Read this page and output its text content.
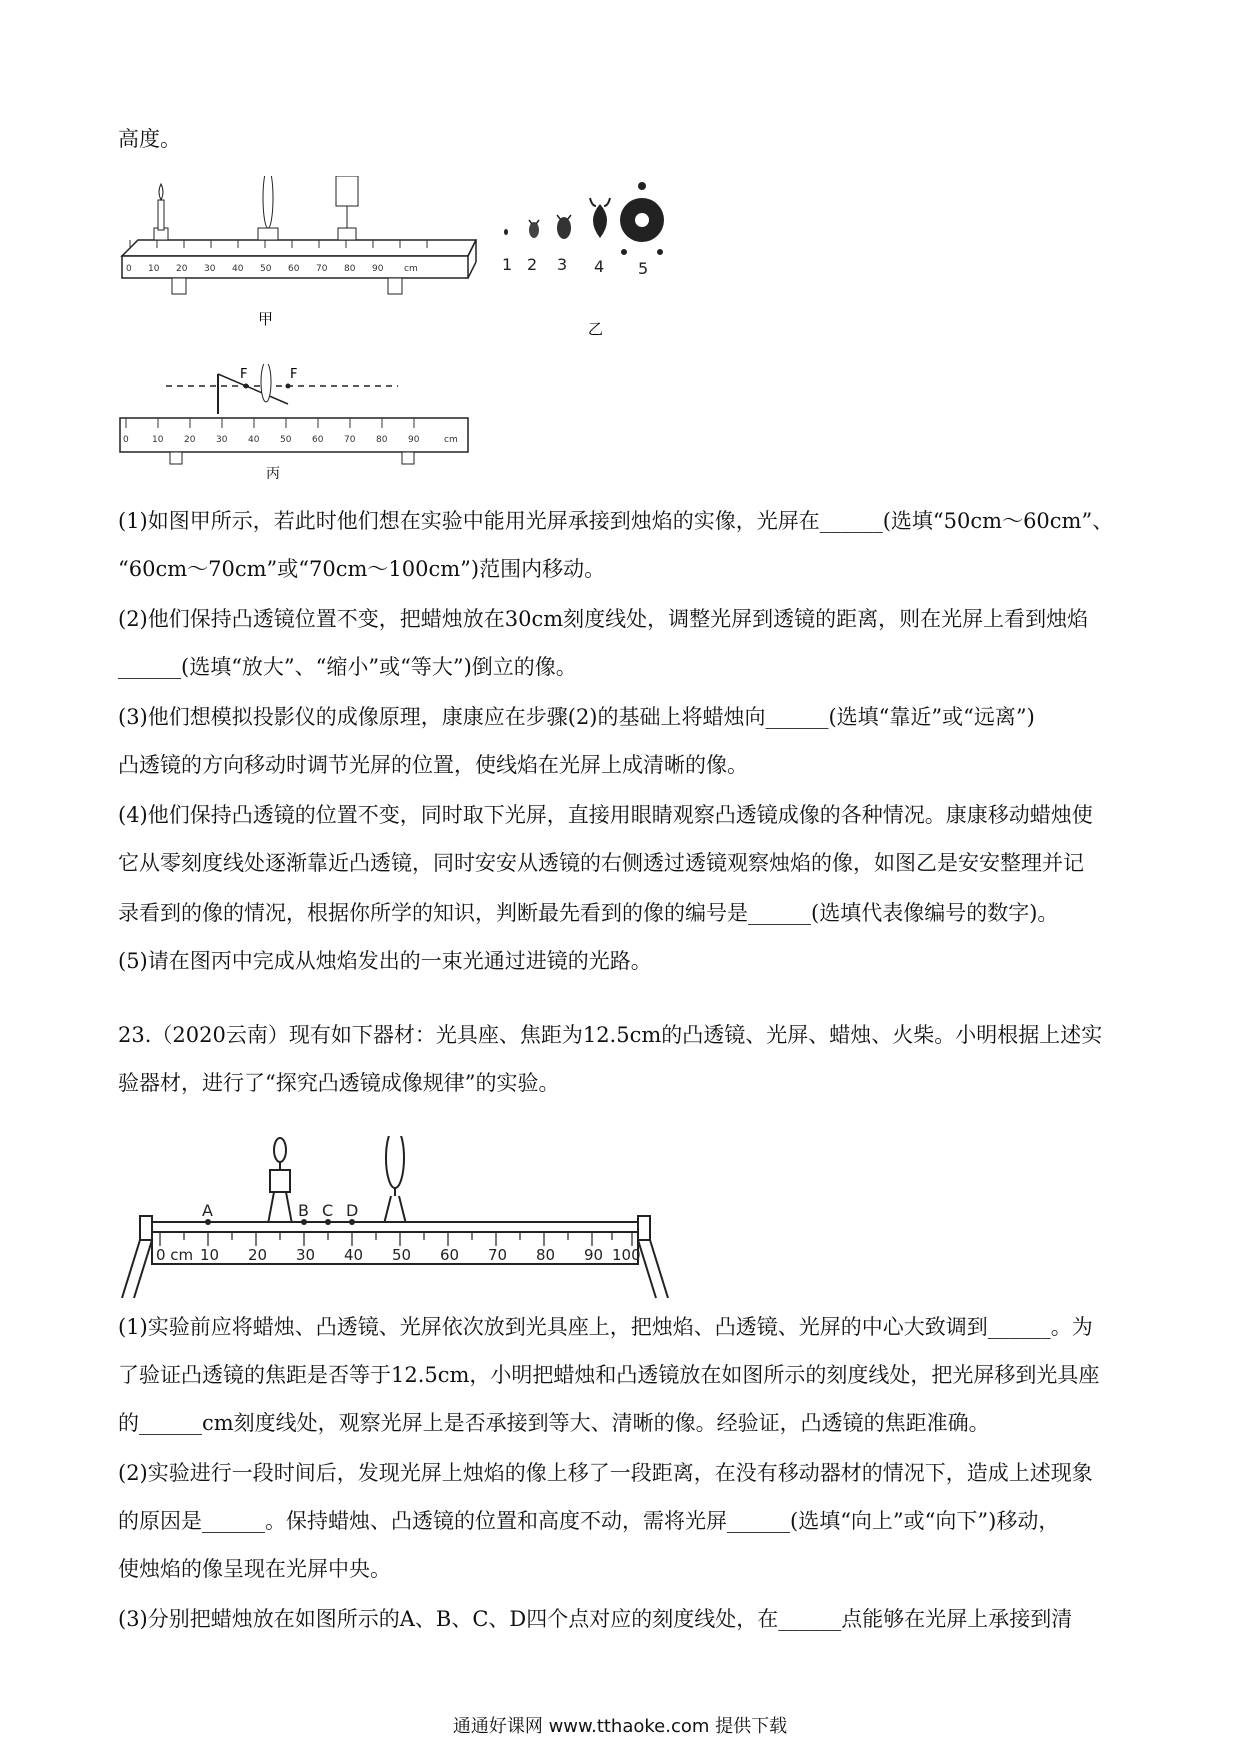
高度。
0 10 20 30 40 50 60 70 80 90 cm
甲
1 2 3 4 5
乙
F	F
0	10 20 30 40 50 60 70 80 90	cm
丙
(1)如图甲所示，若此时他们想在实验中能用光屏承接到烛焰的实像，光屏在______(选填“50cm～60cm”、
“60cm～70cm”或“70cm～100cm”)范围内移动。
(2)他们保持凸透镜位置不变，把蜡烛放在30cm刻度线处，调整光屏到透镜的距离，则在光屏上看到烛焰
______(选填“放大”、“缩小”或“等大”)倒立的像。
(3)他们想模拟投影仪的成像原理，康康应在步骤(2)的基础上将蜡烛向______(选填“靠近”或“远离”)
凸透镜的方向移动时调节光屏的位置，使线焰在光屏上成清晰的像。
(4)他们保持凸透镜的位置不变，同时取下光屏，直接用眼睛观察凸透镜成像的各种情况。康康移动蜡烛使
它从零刻度线处逐渐靠近凸透镜，同时安安从透镜的右侧透过透镜观察烛焰的像，如图乙是安安整理并记
录看到的像的情况，根据你所学的知识，判断最先看到的像的编号是______(选填代表像编号的数字)。
(5)请在图丙中完成从烛焰发出的一束光通过进镜的光路。
23.（2020云南）现有如下器材：光具座、焦距为12.5cm的凸透镜、光屏、蜡烛、火柴。小明根据上述实
验器材，进行了“探究凸透镜成像规律”的实验。
0 cm 10 20 30 40 50 60 70 80 90 100
A	B C D
(1)实验前应将蜡烛、凸透镜、光屏依次放到光具座上，把烛焰、凸透镜、光屏的中心大致调到______。为
了验证凸透镜的焦距是否等于12.5cm，小明把蜡烛和凸透镜放在如图所示的刻度线处，把光屏移到光具座
的______cm刻度线处，观察光屏上是否承接到等大、清晰的像。经验证，凸透镜的焦距准确。
(2)实验进行一段时间后，发现光屏上烛焰的像上移了一段距离，在没有移动器材的情况下，造成上述现象
的原因是______。保持蜡烛、凸透镜的位置和高度不动，需将光屏______(选填“向上”或“向下”)移动，
使烛焰的像呈现在光屏中央。
(3)分别把蜡烛放在如图所示的A、B、C、D四个点对应的刻度线处，在______点能够在光屏上承接到清
通通好课网 www.tthaoke.com 提供下载
